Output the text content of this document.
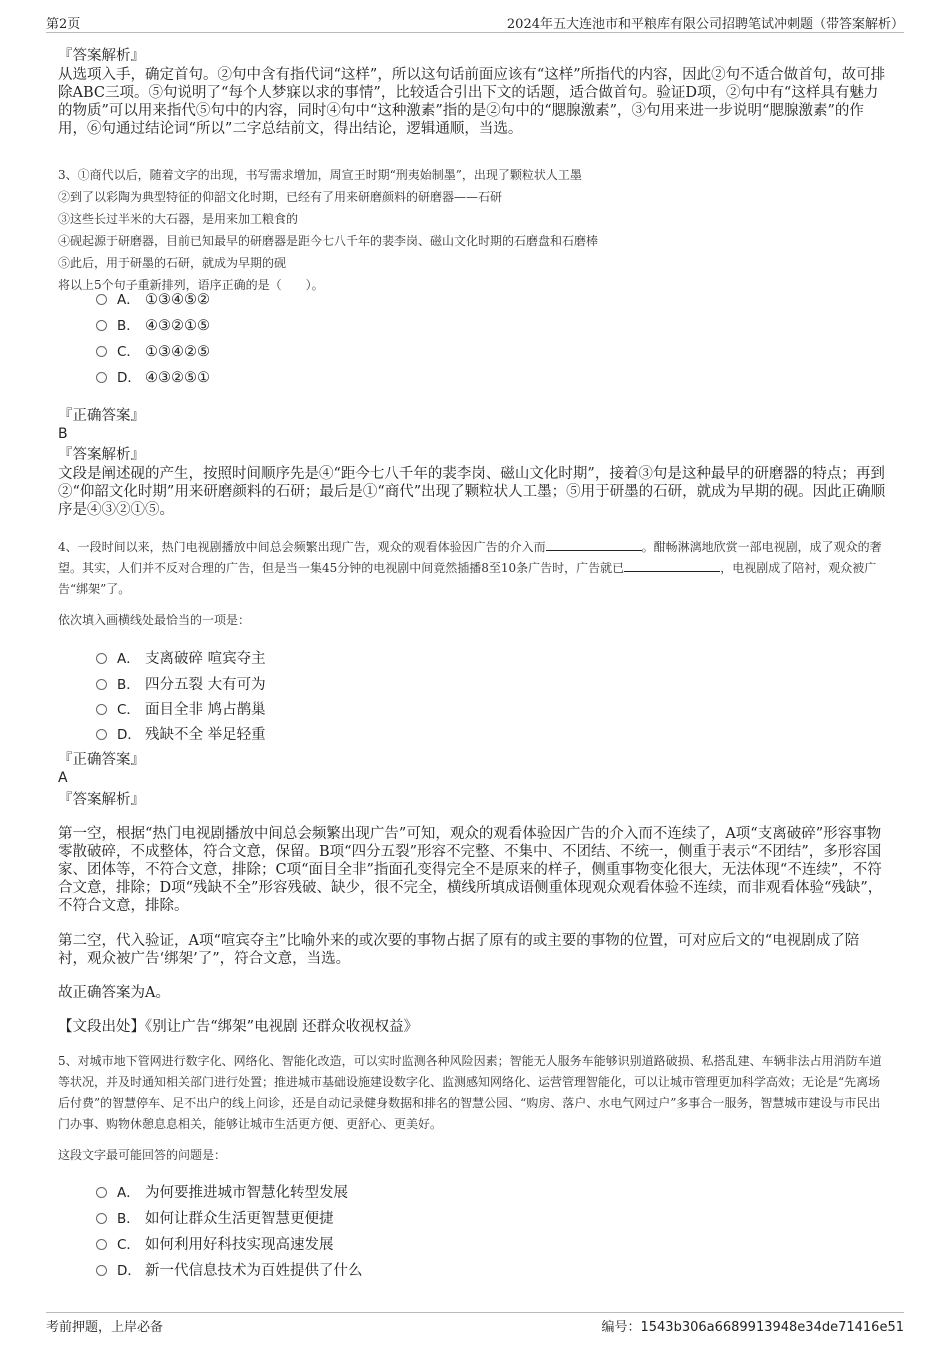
第2页	2024年五大连池市和平粮库有限公司招聘笔试冲刺题（带答案解析）
『答案解析』
从选项入手，确定首句。②句中含有指代词“这样”，所以这句话前面应该有“这样”所指代的内容，因此②句不适合做首句，故可排除ABC三项。⑤句说明了“每个人梦寐以求的事情”，比较适合引出下文的话题，适合做首句。验证D项，②句中有“这样具有魅力的物质”可以用来指代⑤句中的内容，同时④句中“这种激素”指的是②句中的“腮腺激素”，③句用来进一步说明“腮腺激素”的作用，⑥句通过结论词“所以”二字总结前文，得出结论，逻辑通顺，当选。

3、①商代以后，随着文字的出现，书写需求增加，周宣王时期“刑夷始制墨”，出现了颗粒状人工墨

②到了以彩陶为典型特征的仰韶文化时期，已经有了用来研磨颜料的研磨器——石研

③这些长过半米的大石器，是用来加工粮食的

④砚起源于研磨器，目前已知最早的研磨器是距今七八千年的裴李岗、磁山文化时期的石磨盘和石磨棒

⑤此后，用于研墨的石研，就成为早期的砚

将以上5个句子重新排列，语序正确的是（　　）。

A． ①③④⑤②
B． ④③②①⑤
C． ①③④②⑤
D． ④③②⑤①
『正确答案』
B
『答案解析』
文段是阐述砚的产生，按照时间顺序先是④“距今七八千年的裴李岗、磁山文化时期”，接着③句是这种最早的研磨器的特点；再到②“仰韶文化时期”用来研磨颜料的石研；最后是①“商代”出现了颗粒状人工墨；⑤用于研墨的石研，就成为早期的砚。因此正确顺序是④③②①⑤。
4、一段时间以来，热门电视剧播放中间总会频繁出现广告，观众的观看体验因广告的介入而	。酣畅淋漓地欣赏一部电视剧，成了观众的奢望。其实，人们并不反对合理的广告，但是当一集45分钟的电视剧中间竟然插播8至10条广告时，广告就已	，电视剧成了陪衬，观众被广告“绑架”了。
依次填入画横线处最恰当的一项是：
A． 支离破碎 喧宾夺主
B． 四分五裂 大有可为
C． 面目全非 鸠占鹊巢
D． 残缺不全 举足轻重
『正确答案』
A
『答案解析』
第一空，根据“热门电视剧播放中间总会频繁出现广告”可知，观众的观看体验因广告的介入而不连续了，A项“支离破碎”形容事物零散破碎，不成整体，符合文意，保留。B项“四分五裂”形容不完整、不集中、不团结、不统一，侧重于表示“不团结”，多形容国家、团体等，不符合文意，排除；C项“面目全非”指面孔变得完全不是原来的样子，侧重事物变化很大，无法体现“不连续”，不符合文意，排除；D项“残缺不全”形容残破、缺少，很不完全，横线所填成语侧重体现观众观看体验不连续，而非观看体验“残缺”，不符合文意，排除。
第二空，代入验证，A项“喧宾夺主”比喻外来的或次要的事物占据了原有的或主要的事物的位置，可对应后文的“电视剧成了陪衬，观众被广告‘绑架’了”，符合文意，当选。
故正确答案为A。
【文段出处】《别让广告“绑架”电视剧 还群众收视权益》
5、对城市地下管网进行数字化、网络化、智能化改造，可以实时监测各种风险因素；智能无人服务车能够识别道路破损、私搭乱建、车辆非法占用消防车道等状况，并及时通知相关部门进行处置；推进城市基础设施建设数字化、监测感知网络化、运营管理智能化，可以让城市管理更加科学高效；无论是“先离场后付费”的智慧停车、足不出户的线上问诊，还是自动记录健身数据和排名的智慧公园、“购房、落户、水电气网过户”多事合一服务，智慧城市建设与市民出门办事、购物休憩息息相关，能够让城市生活更方便、更舒心、更美好。
这段文字最可能回答的问题是：
A． 为何要推进城市智慧化转型发展
B． 如何让群众生活更智慧更便捷
C． 如何利用好科技实现高速发展
D． 新一代信息技术为百姓提供了什么
考前押题，上岸必备	编号：1543b306a6689913948e34de71416e51
